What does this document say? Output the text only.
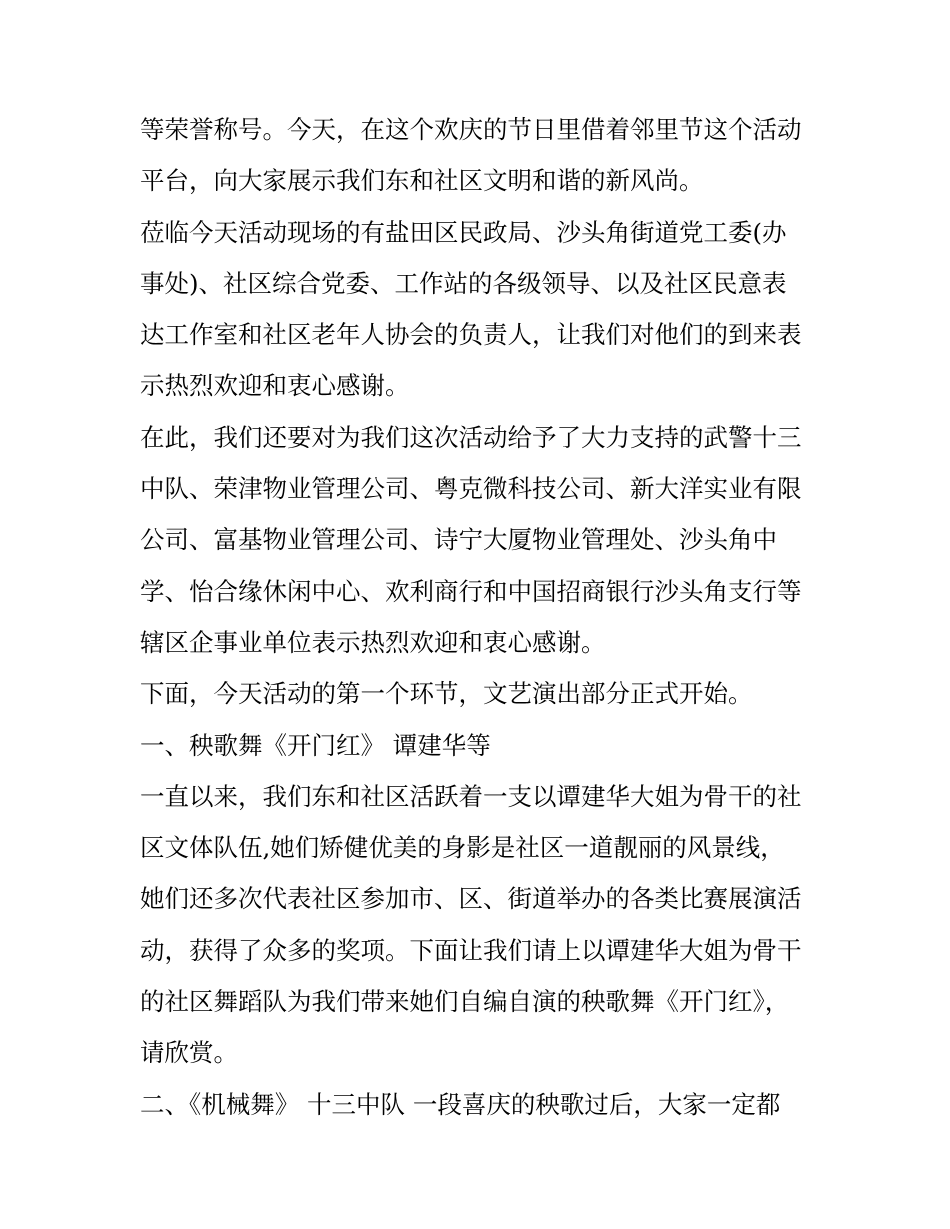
等荣誉称号。今天，在这个欢庆的节日里借着邻里节这个活动
平台，向大家展示我们东和社区文明和谐的新风尚。
莅临今天活动现场的有盐田区民政局、沙头角街道党工委(办
事处)、社区综合党委、工作站的各级领导、以及社区民意表
达工作室和社区老年人协会的负责人，让我们对他们的到来表
示热烈欢迎和衷心感谢。
在此，我们还要对为我们这次活动给予了大力支持的武警十三
中队、荣津物业管理公司、粤克微科技公司、新大洋实业有限
公司、富基物业管理公司、诗宁大厦物业管理处、沙头角中
学、怡合缘休闲中心、欢利商行和中国招商银行沙头角支行等
辖区企事业单位表示热烈欢迎和衷心感谢。
下面，今天活动的第一个环节，文艺演出部分正式开始。
一、秧歌舞《开门红》 谭建华等
一直以来，我们东和社区活跃着一支以谭建华大姐为骨干的社
区文体队伍,她们矫健优美的身影是社区一道靓丽的风景线，
她们还多次代表社区参加市、区、街道举办的各类比赛展演活
动，获得了众多的奖项。下面让我们请上以谭建华大姐为骨干
的社区舞蹈队为我们带来她们自编自演的秧歌舞《开门红》，
请欣赏。
二、《机械舞》 十三中队 一段喜庆的秧歌过后，大家一定都
